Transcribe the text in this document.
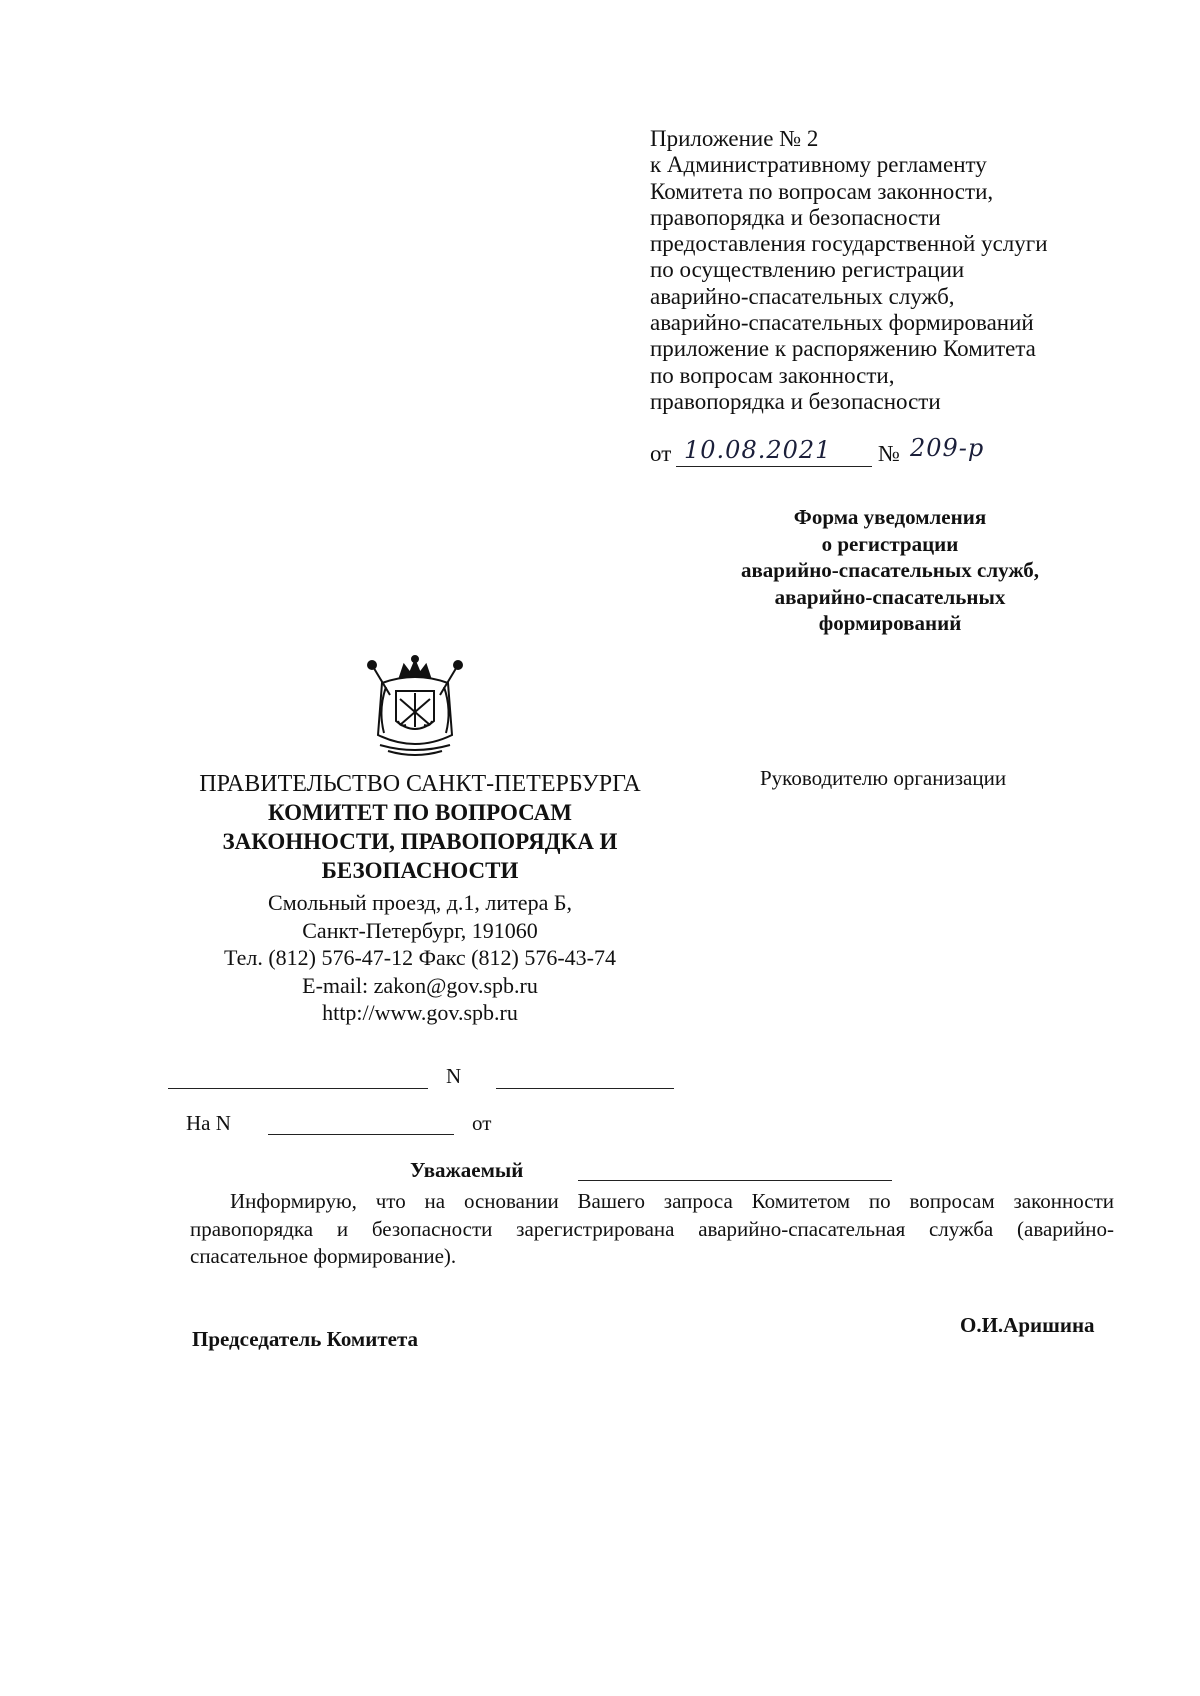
Приложение № 2
к Административному регламенту
Комитета по вопросам законности,
правопорядка и безопасности
предоставления государственной услуги
по осуществлению регистрации
аварийно-спасательных служб,
аварийно-спасательных формирований
приложение к распоряжению Комитета
по вопросам законности,
правопорядка и безопасности
от 10.08.2021 № 209-р
Форма уведомления
о регистрации
аварийно-спасательных служб,
аварийно-спасательных
формирований
Руководителю организации
ПРАВИТЕЛЬСТВО САНКТ-ПЕТЕРБУРГА
КОМИТЕТ ПО ВОПРОСАМ
ЗАКОННОСТИ, ПРАВОПОРЯДКА И
БЕЗОПАСНОСТИ
Смольный проезд, д.1, литера Б,
Санкт-Петербург, 191060
Тел. (812) 576-47-12 Факс (812) 576-43-74
E-mail: zakon@gov.spb.ru
http://www.gov.spb.ru
N
На N	от
Уважаемый
Информирую, что на основании Вашего запроса Комитетом по вопросам законности правопорядка и безопасности зарегистрирована аварийно-спасательная служба (аварийно-спасательное формирование).
Председатель Комитета
О.И.Аришина
